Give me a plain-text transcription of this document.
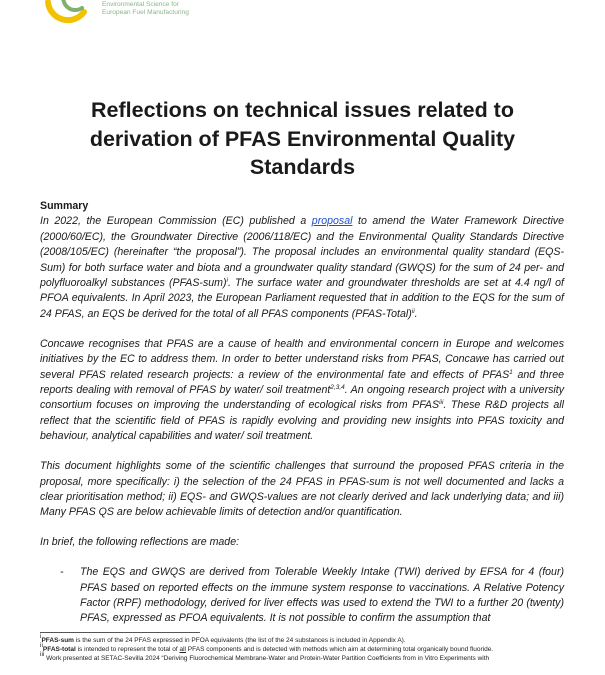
Environmental Science for
European Fuel Manufacturing
Reflections on technical issues related to derivation of PFAS Environmental Quality Standards
Summary

In 2022, the European Commission (EC) published a proposal to amend the Water Framework Directive (2000/60/EC), the Groundwater Directive (2006/118/EC) and the Environmental Quality Standards Directive (2008/105/EC) (hereinafter “the proposal”). The proposal includes an environmental quality standard (EQS-Sum) for both surface water and biota and a groundwater quality standard (GWQS) for the sum of 24 per- and polyfluoroalkyl substances (PFAS-sum)$^i$. The surface water and groundwater thresholds are set at 4.4 ng/l of PFOA equivalents. In April 2023, the European Parliament requested that in addition to the EQS for the sum of 24 PFAS, an EQS be derived for the total of all PFAS components (PFAS-Total)$^{ii}$.

Concawe recognises that PFAS are a cause of health and environmental concern in Europe and welcomes initiatives by the EC to address them. In order to better understand risks from PFAS, Concawe has carried out several PFAS related research projects: a review of the environmental fate and effects of PFAS$^1$ and three reports dealing with removal of PFAS by water/ soil treatment$^{2,3,4}$. An ongoing research project with a university consortium focuses on improving the understanding of ecological risks from PFAS$^{iii}$. These R&D projects all reflect that the scientific field of PFAS is rapidly evolving and providing new insights into PFAS toxicity and behaviour, analytical capabilities and water/ soil treatment.

This document highlights some of the scientific challenges that surround the proposed PFAS criteria in the proposal, more specifically: i) the selection of the 24 PFAS in PFAS-sum is not well documented and lacks a clear prioritisation method; ii) EQS- and GWQS-values are not clearly derived and lack underlying data; and iii) Many PFAS QS are below achievable limits of detection and/or quantification.

In brief, the following reflections are made:

-	The EQS and GWQS are derived from Tolerable Weekly Intake (TWI) derived by EFSA for 4 (four) PFAS based on reported effects on the immune system response to vaccinations. A Relative Potency Factor (RPF) methodology, derived for liver effects was used to extend the TWI to a further 20 (twenty) PFAS, expressed as PFOA equivalents. It is not possible to confirm the assumption that
$^i$PFAS-sum is the sum of the 24 PFAS expressed in PFOA equivalents (the list of the 24 substances is included in Appendix A).
$^{ii}$PFAS-total is intended to represent the total of all PFAS components and is detected with methods which aim at determining total organically bound fluoride.
$^{iii}$ Work presented at SETAC-Sevilla 2024 “Deriving Fluorochemical Membrane-Water and Protein-Water Partition Coefficients from in Vitro Experiments with
